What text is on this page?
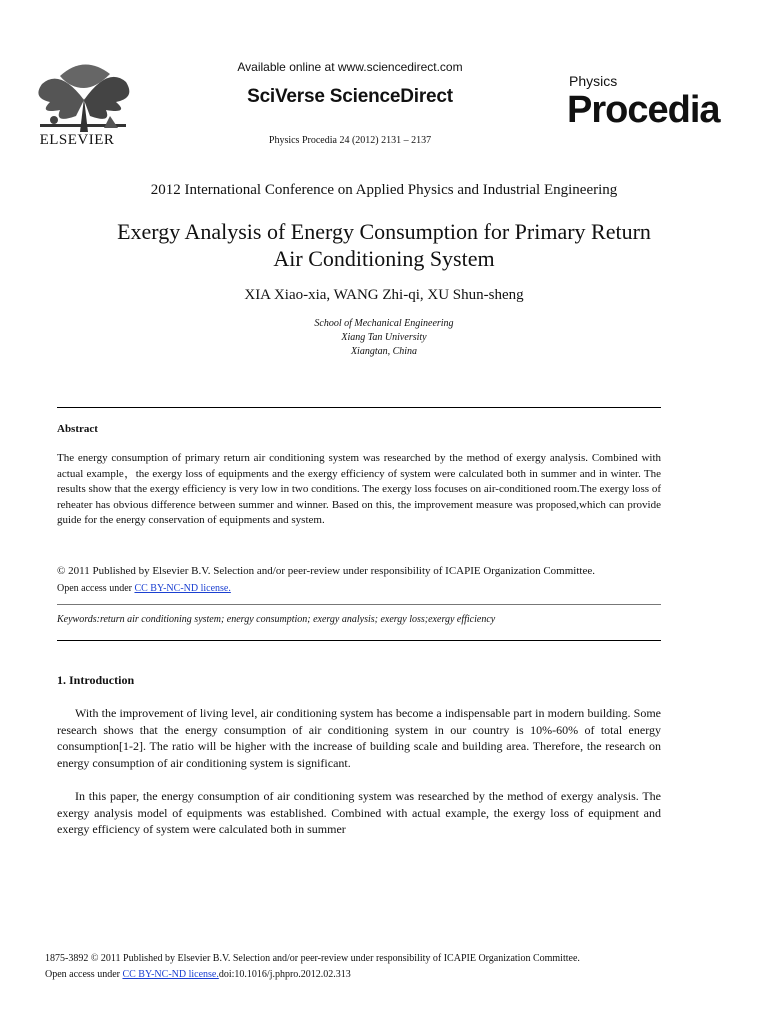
ELSEVIER
Available online at www.sciencedirect.com
SciVerse ScienceDirect
Physics Procedia 24 (2012) 2131 – 2137
Physics
Procedia
2012 International Conference on Applied Physics and Industrial Engineering
Exergy Analysis of Energy Consumption for Primary Return
Air Conditioning System
XIA Xiao-xia, WANG Zhi-qi, XU Shun-sheng
School of Mechanical Engineering
Xiang Tan University
Xiangtan, China
Abstract
The energy consumption of primary return air conditioning system was researched by the method of exergy analysis. Combined with actual example，the exergy loss of equipments and the exergy efficiency of system were calculated both in summer and in winter. The results show that the exergy efficiency is very low in two conditions. The exergy loss focuses on air-conditioned room.The exergy loss of reheater has obvious difference between summer and winner. Based on this, the improvement measure was proposed,which can provide guide for the energy conservation of equipments and system.
© 2011 Published by Elsevier B.V. Selection and/or peer-review under responsibility of ICAPIE Organization Committee.
Open access under CC BY-NC-ND license.
Keywords:return air conditioning system; energy consumption; exergy analysis; exergy loss;exergy efficiency
1. Introduction
With the improvement of living level, air conditioning system has become a indispensable part in modern building. Some research shows that the energy consumption of air conditioning system in our country is 10%-60% of total energy consumption[1-2]. The ratio will be higher with the increase of building scale and building area. Therefore, the research on energy consumption of air conditioning system is significant.
In this paper, the energy consumption of air conditioning system was researched by the method of exergy analysis. The exergy analysis model of equipments was established. Combined with actual example, the exergy loss of equipment and exergy efficiency of system were calculated both in summer
1875-3892 © 2011 Published by Elsevier B.V. Selection and/or peer-review under responsibility of ICAPIE Organization Committee.
Open access under CC BY-NC-ND license.doi:10.1016/j.phpro.2012.02.313
